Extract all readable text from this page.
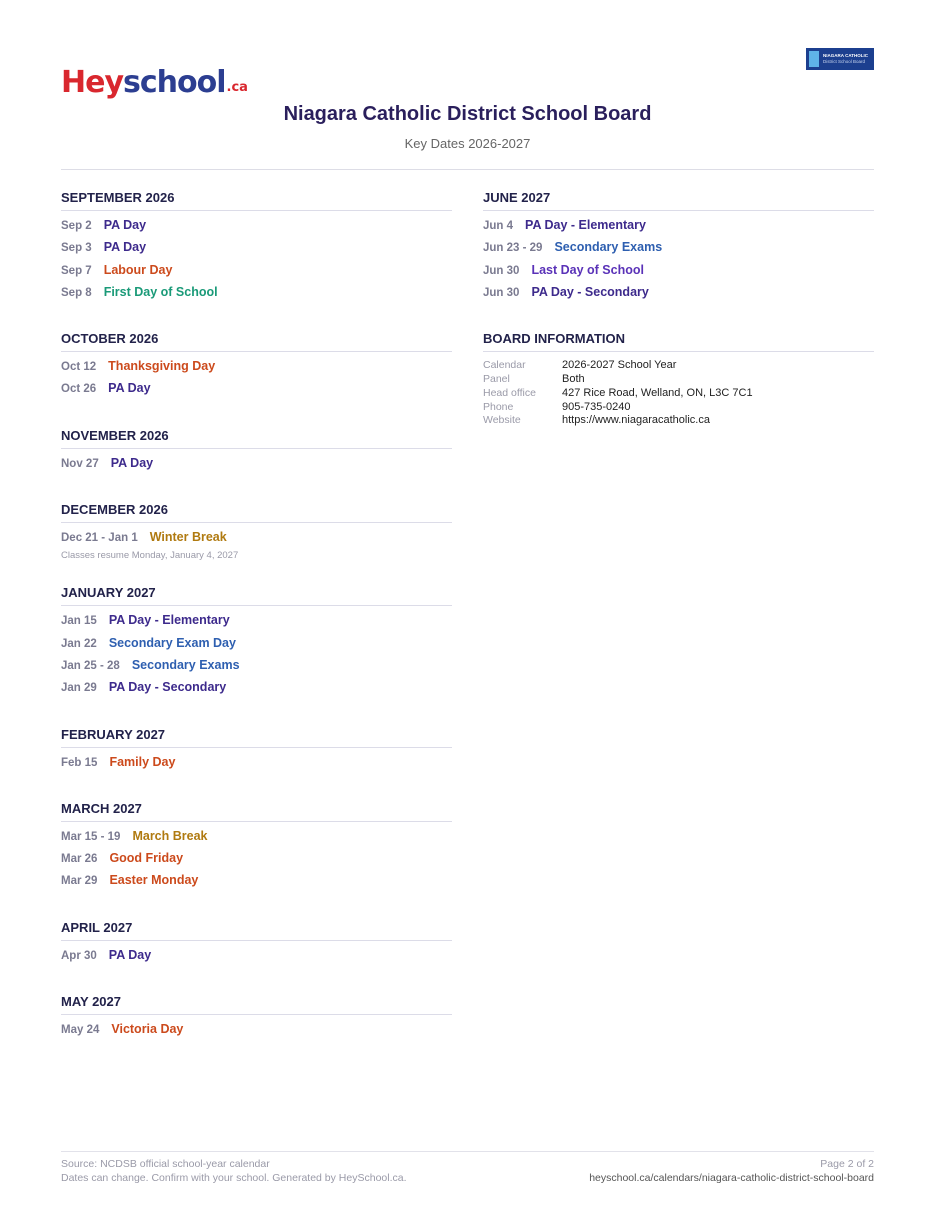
Hey school .ca
NIAGARA CATHOLIC
District School Board
Niagara Catholic District School Board
Key Dates 2026-2027
SEPTEMBER 2026
Sep 2 PA Day
Sep 3 PA Day
Sep 7 Labour Day
Sep 8 First Day of School
OCTOBER 2026
Oct 12 Thanksgiving Day
Oct 26 PA Day
NOVEMBER 2026
Nov 27 PA Day
DECEMBER 2026
Dec 21 - Jan 1 Winter Break
Classes resume Monday, January 4, 2027
JANUARY 2027
Jan 15 PA Day - Elementary
Jan 22 Secondary Exam Day
Jan 25 - 28 Secondary Exams
Jan 29 PA Day - Secondary
FEBRUARY 2027
Feb 15 Family Day
MARCH 2027
Mar 15 - 19 March Break
Mar 26 Good Friday
Mar 29 Easter Monday
APRIL 2027
Apr 30 PA Day
MAY 2027
May 24 Victoria Day
JUNE 2027
Jun 4 PA Day - Elementary
Jun 23 - 29 Secondary Exams
Jun 30 Last Day of School
Jun 30 PA Day - Secondary
BOARD INFORMATION
Calendar	2026-2027 School Year
Panel	Both
Head office	427 Rice Road, Welland, ON, L3C 7C1
Phone	905-735-0240
Website	https://www.niagaracatholic.ca
Source: NCDSB official school-year calendar
Dates can change. Confirm with your school. Generated by HeySchool.ca.
Page 2 of 2
heyschool.ca/calendars/niagara-catholic-district-school-board
